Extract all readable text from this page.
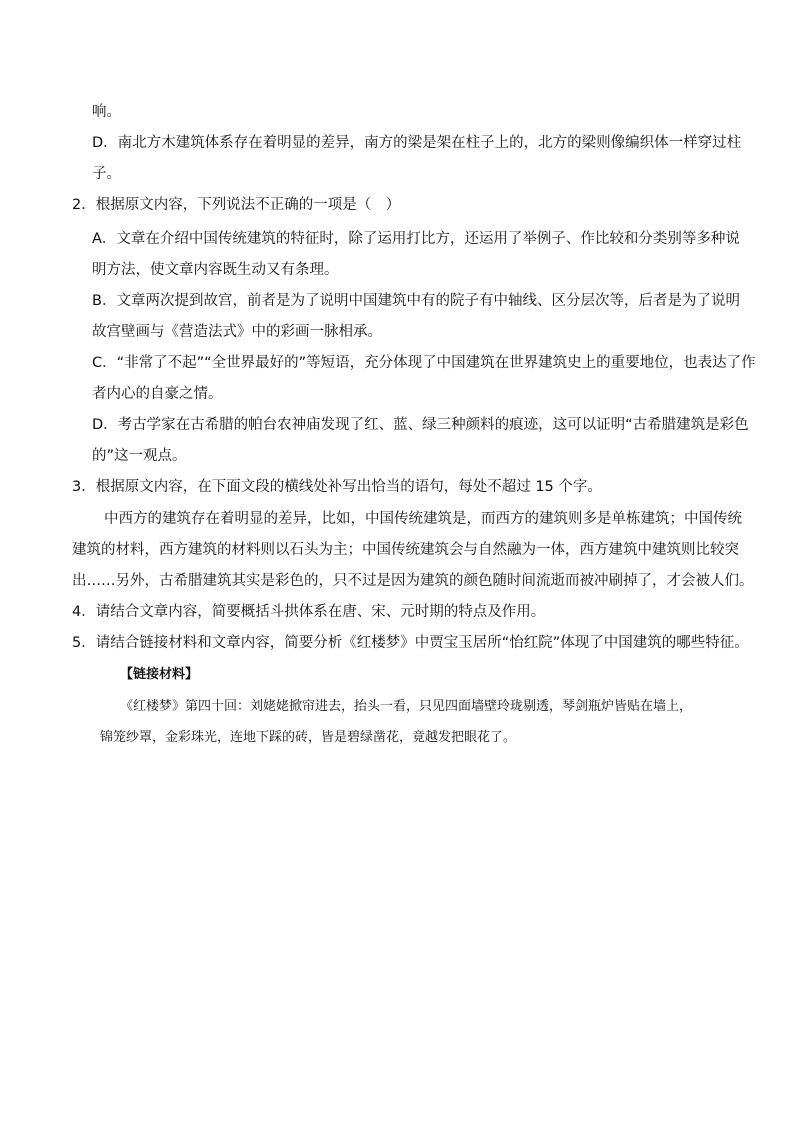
响。
D．南北方木建筑体系存在着明显的差异，南方的梁是架在柱子上的，北方的梁则像编织体一样穿过柱
子。
2．根据原文内容，下列说法不正确的一项是（　）
A．文章在介绍中国传统建筑的特征时，除了运用打比方，还运用了举例子、作比较和分类别等多种说
明方法，使文章内容既生动又有条理。
B．文章两次提到故宫，前者是为了说明中国建筑中有的院子有中轴线、区分层次等，后者是为了说明
故宫壁画与《营造法式》中的彩画一脉相承。
C．“非常了不起”“全世界最好的”等短语，充分体现了中国建筑在世界建筑史上的重要地位，也表达了作
者内心的自豪之情。
D．考古学家在古希腊的帕台农神庙发现了红、蓝、绿三种颜料的痕迹，这可以证明“古希腊建筑是彩色
的”这一观点。
3．根据原文内容，在下面文段的横线处补写出恰当的语句，每处不超过 15 个字。
中西方的建筑存在着明显的差异，比如，中国传统建筑是，而西方的建筑则多是单栋建筑；中国传统
建筑的材料，西方建筑的材料则以石头为主；中国传统建筑会与自然融为一体，西方建筑中建筑则比较突
出……另外，古希腊建筑其实是彩色的，只不过是因为建筑的颜色随时间流逝而被冲刷掉了，才会被人们。
4．请结合文章内容，简要概括斗拱体系在唐、宋、元时期的特点及作用。
5．请结合链接材料和文章内容，简要分析《红楼梦》中贾宝玉居所“怡红院”体现了中国建筑的哪些特征。
【链接材料】
《红楼梦》第四十回：刘姥姥掀帘进去，抬头一看，只见四面墙壁玲珑剔透，琴剑瓶炉皆贴在墙上，
锦笼纱罩，金彩珠光，连地下踩的砖，皆是碧绿凿花，竟越发把眼花了。
